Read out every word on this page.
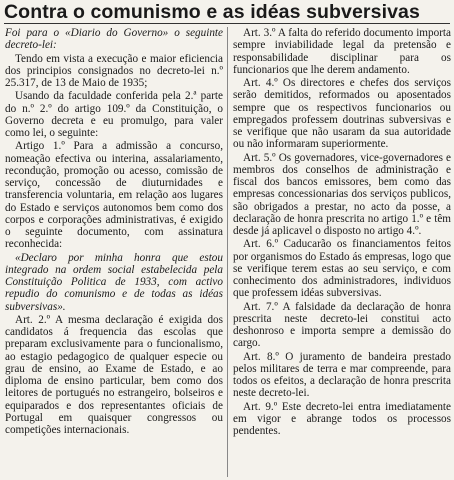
Contra o comunismo e as idéas subversivas

Foi para o «Diario do Governo» o seguinte decreto-lei:

Tendo em vista a execução e maior eficiencia dos principios consignados no decreto-lei n.º 25.317, de 13 de Maio de 1935;

Usando da faculdade conferida pela 2.ª parte do n.º 2.º do artigo 109.º da Constituição, o Governo decreta e eu promulgo, para valer como lei, o seguinte:

Artigo 1.º Para a admissão a concurso, nomeação efectiva ou interina, assalariamento, recondução, promoção ou acesso, comissão de serviço, concessão de diuturnidades e transferencia voluntaria, em relação aos lugares do Estado e serviços autonomos bem como dos corpos e corporações administrativas, é exigido o seguinte documento, com assinatura reconhecida:

«Declaro por minha honra que estou integrado na ordem social estabelecida pela Constituição Politica de 1933, com activo repudio do comunismo e de todas as idéas subversivas».

Art. 2.º A mesma declaração é exigida dos candidatos á frequencia das escolas que preparam exclusivamente para o funcionalismo, ao estagio pedagogico de qualquer especie ou grau de ensino, ao Exame de Estado, e ao diploma de ensino particular, bem como dos leitores de portugués no estrangeiro, bolseiros e equiparados e dos representantes oficiais de Portugal em quaisquer congressos ou competições internacionais.

Art. 3.º A falta do referido documento importa sempre inviabilidade legal da pretensão e responsabilidade disciplinar para os funcionarios que lhe derem andamento.

Art. 4.º Os directores e chefes dos serviços serão demitidos, reformados ou aposentados sempre que os respectivos funcionarios ou empregados professem doutrinas subversivas e se verifique que não usaram da sua autoridade ou não informaram superiormente.

Art. 5.º Os governadores, vice-governadores e membros dos conselhos de administração e fiscal dos bancos emissores, bem como das empresas concessionarias dos serviços publicos, são obrigados a prestar, no acto da posse, a declaração de honra prescrita no artigo 1.º e têm desde já aplicavel o disposto no artigo 4.º.

Art. 6.º Caducarão os financiamentos feitos por organismos do Estado ás empresas, logo que se verifique terem estas ao seu serviço, e com conhecimento dos administradores, individuos que professem idéas subversivas.

Art. 7.º A falsidade da declaração de honra prescrita neste decreto-lei constitui acto deshonroso e importa sempre a demissão do cargo.

Art. 8.º O juramento de bandeira prestado pelos militares de terra e mar compreende, para todos os efeitos, a declaração de honra prescrita neste decreto-lei.

Art. 9.º Este decreto-lei entra imediatamente em vigor e abrange todos os processos pendentes.
